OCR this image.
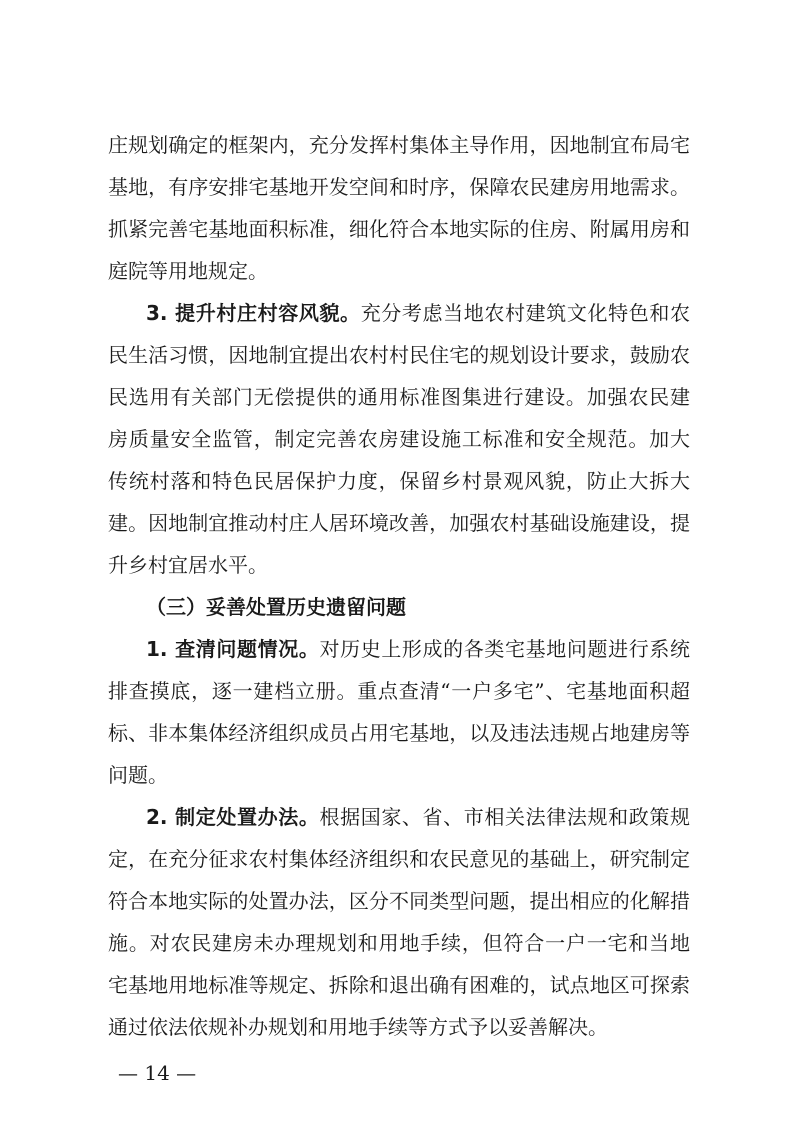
庄规划确定的框架内，充分发挥村集体主导作用，因地制宜布局宅
基地，有序安排宅基地开发空间和时序，保障农民建房用地需求。
抓紧完善宅基地面积标准，细化符合本地实际的住房、附属用房和
庭院等用地规定。
3. 提升村庄村容风貌。充分考虑当地农村建筑文化特色和农
民生活习惯，因地制宜提出农村村民住宅的规划设计要求，鼓励农
民选用有关部门无偿提供的通用标准图集进行建设。加强农民建
房质量安全监管，制定完善农房建设施工标准和安全规范。加大
传统村落和特色民居保护力度，保留乡村景观风貌，防止大拆大
建。因地制宜推动村庄人居环境改善，加强农村基础设施建设，提
升乡村宜居水平。
（三）妥善处置历史遗留问题
1. 查清问题情况。对历史上形成的各类宅基地问题进行系统
排查摸底，逐一建档立册。重点查清“一户多宅”、宅基地面积超
标、非本集体经济组织成员占用宅基地，以及违法违规占地建房等
问题。
2. 制定处置办法。根据国家、省、市相关法律法规和政策规
定，在充分征求农村集体经济组织和农民意见的基础上，研究制定
符合本地实际的处置办法，区分不同类型问题，提出相应的化解措
施。对农民建房未办理规划和用地手续，但符合一户一宅和当地
宅基地用地标准等规定、拆除和退出确有困难的，试点地区可探索
通过依法依规补办规划和用地手续等方式予以妥善解决。
— 14 —
